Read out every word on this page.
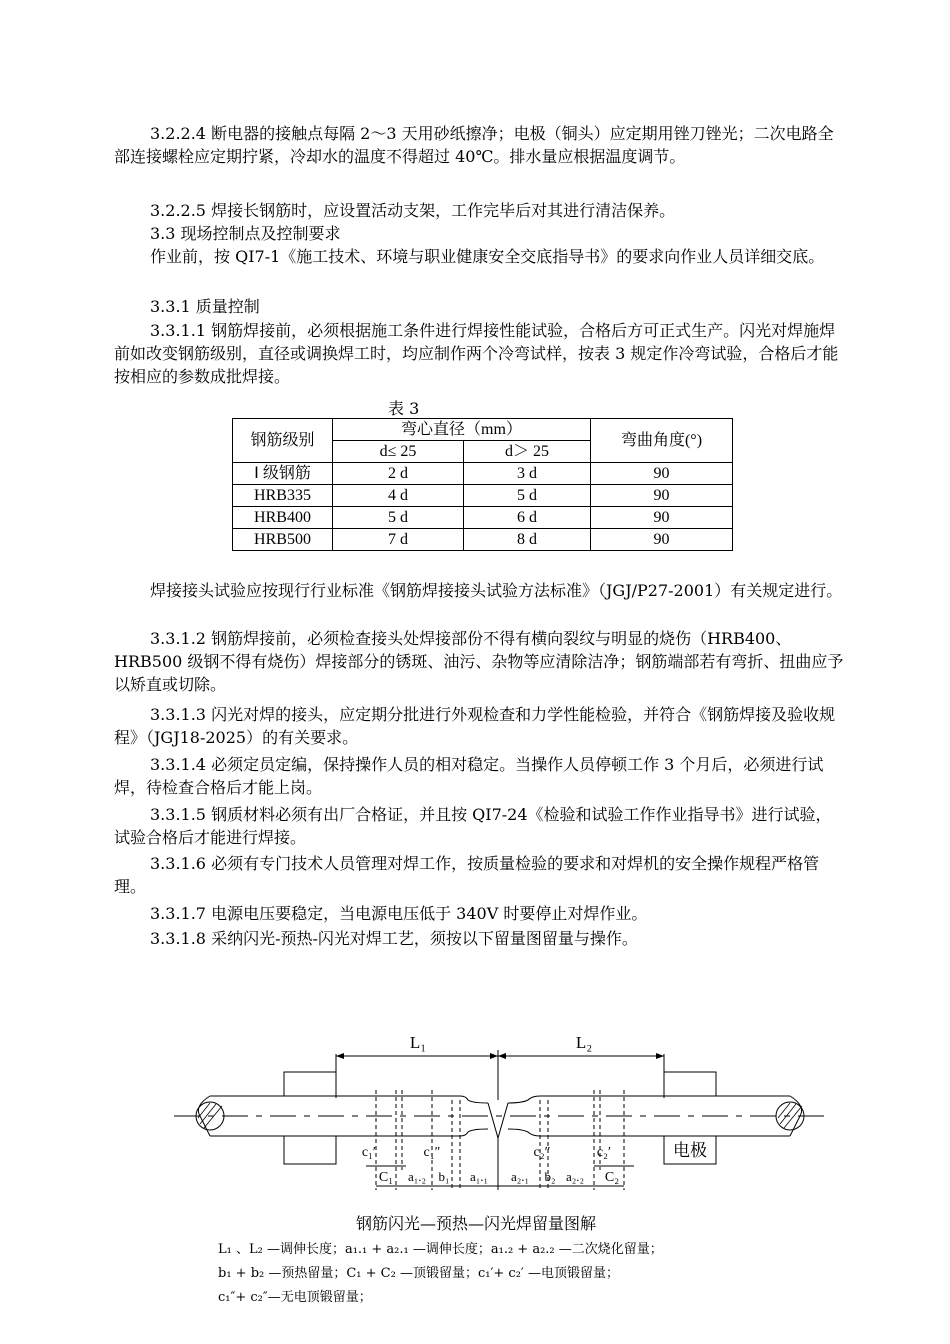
3.2.2.4 断电器的接触点每隔 2～3 天用砂纸擦净；电极（铜头）应定期用锉刀锉光；二次电路全部连接螺栓应定期拧紧，冷却水的温度不得超过 40℃。排水量应根据温度调节。

3.2.2.5 焊接长钢筋时，应设置活动支架，工作完毕后对其进行清洁保养。

3.3 现场控制点及控制要求

作业前，按 QI7-1《施工技术、环境与职业健康安全交底指导书》的要求向作业人员详细交底。

3.3.1 质量控制

3.3.1.1 钢筋焊接前，必须根据施工条件进行焊接性能试验，合格后方可正式生产。闪光对焊施焊前如改变钢筋级别，直径或调换焊工时，均应制作两个冷弯试样，按表 3 规定作冷弯试验，合格后才能按相应的参数成批焊接。

表 3
钢筋级别	弯心直径（mm）		弯曲角度(°)
	d≤ 25	d＞ 25	
Ⅰ 级钢筋	2 d	3 d	90
HRB335	4 d	5 d	90
HRB400	5 d	6 d	90
HRB500	7 d	8 d	90

焊接接头试验应按现行行业标准《钢筋焊接接头试验方法标准》（JGJ/P27-2001）有关规定进行。

3.3.1.2 钢筋焊接前，必须检查接头处焊接部份不得有横向裂纹与明显的烧伤（HRB400、HRB500 级钢不得有烧伤）焊接部分的锈斑、油污、杂物等应清除洁净；钢筋端部若有弯折、扭曲应予以矫直或切除。

3.3.1.3 闪光对焊的接头，应定期分批进行外观检查和力学性能检验，并符合《钢筋焊接及验收规程》（JGJ18-2025）的有关要求。

3.3.1.4 必须定员定编，保持操作人员的相对稳定。当操作人员停顿工作 3 个月后，必须进行试焊，待检查合格后才能上岗。

3.3.1.5 钢质材料必须有出厂合格证，并且按 QI7-24《检验和试验工作作业指导书》进行试验，试验合格后才能进行焊接。

3.3.1.6 必须有专门技术人员管理对焊工作，按质量检验的要求和对焊机的安全操作规程严格管理。

3.3.1.7 电源电压要稳定，当电源电压低于 340V 时要停止对焊作业。

3.3.1.8 采纳闪光-预热-闪光对焊工艺，须按以下留量图留量与操作。

L₁	L₂
电极
c₁′	c₁″	c₂″	c₂′
C₁ a₁.₂ b₁ a₁.₁ a₂.₁ b₂ a₂.₂ C₂
钢筋闪光—预热—闪光焊留量图解
L₁ 、L₂ —调伸长度；a₁.₁ + a₂.₁ —调伸长度；a₁.₂ + a₂.₂ —二次烧化留量；
b₁ + b₂ —预热留量；C₁ + C₂ —顶锻留量；c₁′+ c₂′ —电顶锻留量；
c₁″+ c₂″—无电顶锻留量；
